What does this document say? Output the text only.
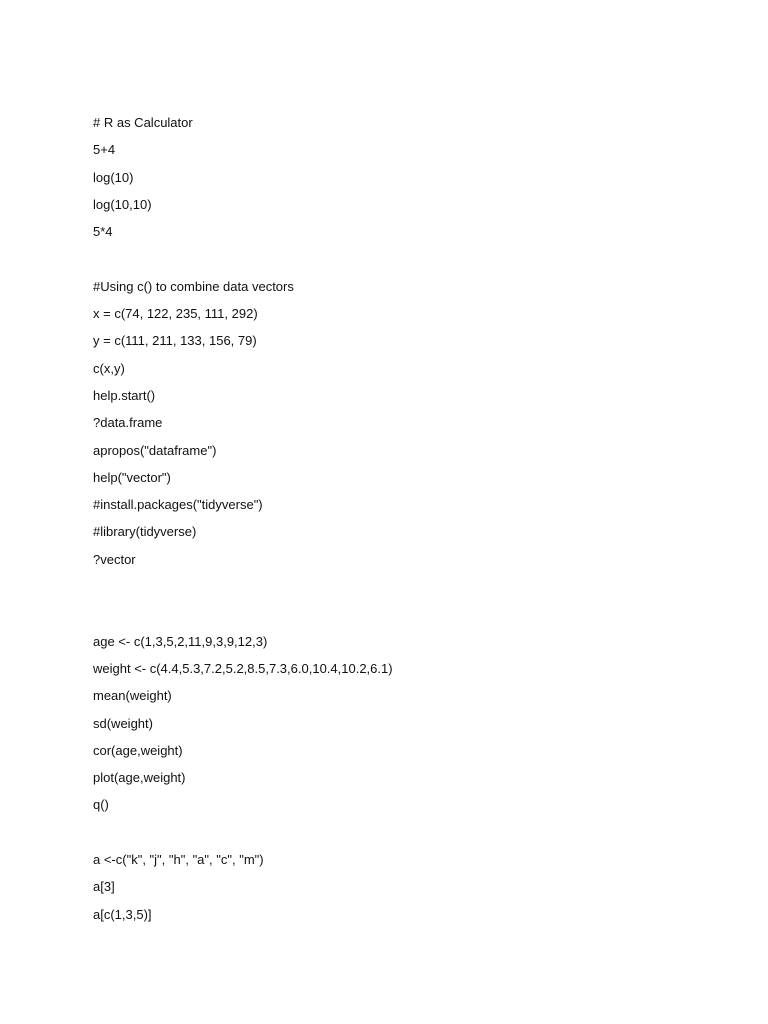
# R as Calculator
5+4
log(10)
log(10,10)
5*4
#Using c() to combine data vectors
x = c(74, 122, 235, 111, 292)
y = c(111, 211, 133, 156, 79)
c(x,y)
help.start()
?data.frame
apropos("dataframe")
help("vector")
#install.packages("tidyverse")
#library(tidyverse)
?vector
age <- c(1,3,5,2,11,9,3,9,12,3)
weight <- c(4.4,5.3,7.2,5.2,8.5,7.3,6.0,10.4,10.2,6.1)
mean(weight)
sd(weight)
cor(age,weight)
plot(age,weight)
q()
a <-c("k", "j", "h", "a", "c", "m")
a[3]
a[c(1,3,5)]
